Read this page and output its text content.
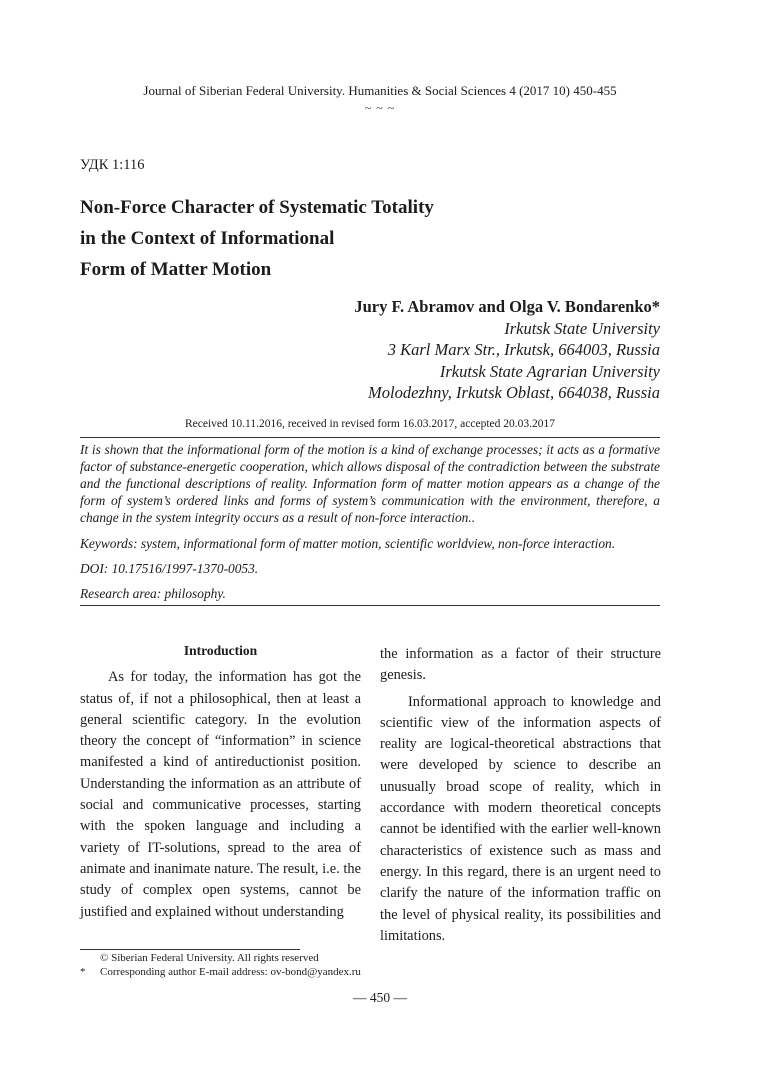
Journal of Siberian Federal University. Humanities & Social Sciences 4 (2017 10) 450-455
~ ~ ~
УДК 1:116
Non-Force Character of Systematic Totality
in the Context of Informational
Form of Matter Motion
Jury F. Abramov and Olga V. Bondarenko*
Irkutsk State University
3 Karl Marx Str., Irkutsk, 664003, Russia
Irkutsk State Agrarian University
Molodezhny, Irkutsk Oblast, 664038, Russia
Received 10.11.2016, received in revised form 16.03.2017, accepted 20.03.2017
It is shown that the informational form of the motion is a kind of exchange processes; it acts as a formative factor of substance-energetic cooperation, which allows disposal of the contradiction between the substrate and the functional descriptions of reality. Information form of matter motion appears as a change of the form of system’s ordered links and forms of system’s communication with the environment, therefore, a change in the system integrity occurs as a result of non-force interaction..
Keywords: system, informational form of matter motion, scientific worldview, non-force interaction.
DOI: 10.17516/1997-1370-0053.
Research area: philosophy.

Introduction

As for today, the information has got the status of, if not a philosophical, then at least a general scientific category. In the evolution theory the concept of “information” in science manifested a kind of antireductionist position. Understanding the information as an attribute of social and communicative processes, starting with the spoken language and including a variety of IT-solutions, spread to the area of animate and inanimate nature. The result, i.e. the study of complex open systems, cannot be justified and explained without understanding

the information as a factor of their structure genesis.

Informational approach to knowledge and scientific view of the information aspects of reality are logical-theoretical abstractions that were developed by science to describe an unusually broad scope of reality, which in accordance with modern theoretical concepts cannot be identified with the earlier well-known characteristics of existence such as mass and energy. In this regard, there is an urgent need to clarify the nature of the information traffic on the level of physical reality, its possibilities and limitations.

© Siberian Federal University. All rights reserved
* Corresponding author E-mail address: ov-bond@yandex.ru
— 450 —
